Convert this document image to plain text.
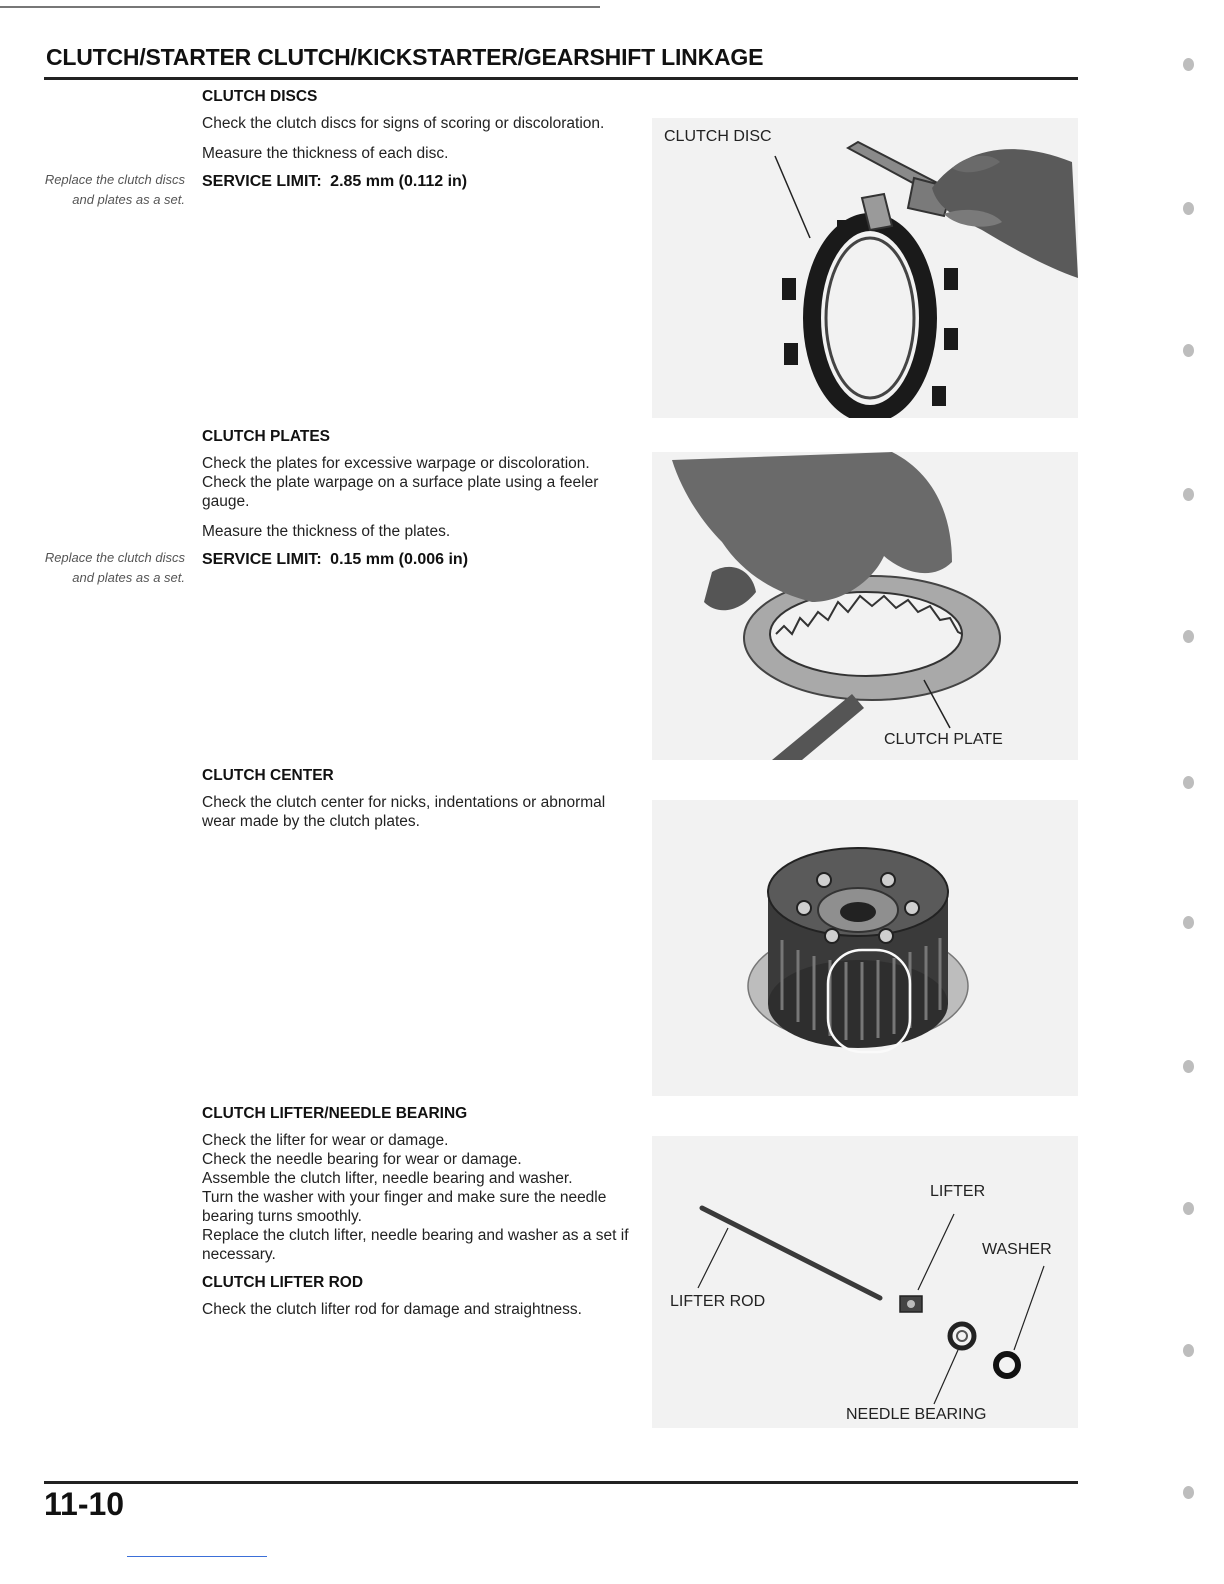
CLUTCH/STARTER CLUTCH/KICKSTARTER/GEARSHIFT LINKAGE
CLUTCH DISCS

Check the clutch discs for signs of scoring or discoloration.

Measure the thickness of each disc.

SERVICE LIMIT: 2.85 mm (0.112 in)

Replace the clutch discs and plates as a set.
CLUTCH PLATES

Check the plates for excessive warpage or discoloration.

Check the plate warpage on a surface plate using a feeler gauge.

Measure the thickness of the plates.

SERVICE LIMIT: 0.15 mm (0.006 in)

Replace the clutch discs and plates as a set.
CLUTCH CENTER

Check the clutch center for nicks, indentations or abnormal wear made by the clutch plates.

CLUTCH LIFTER/NEEDLE BEARING

Check the lifter for wear or damage.

Check the needle bearing for wear or damage.

Assemble the clutch lifter, needle bearing and washer.

Turn the washer with your finger and make sure the needle bearing turns smoothly.

Replace the clutch lifter, needle bearing and washer as a set if necessary.

CLUTCH LIFTER ROD

Check the clutch lifter rod for damage and straightness.

CLUTCH DISC
CLUTCH PLATE
LIFTER
WASHER
LIFTER ROD
NEEDLE BEARING
11-10
